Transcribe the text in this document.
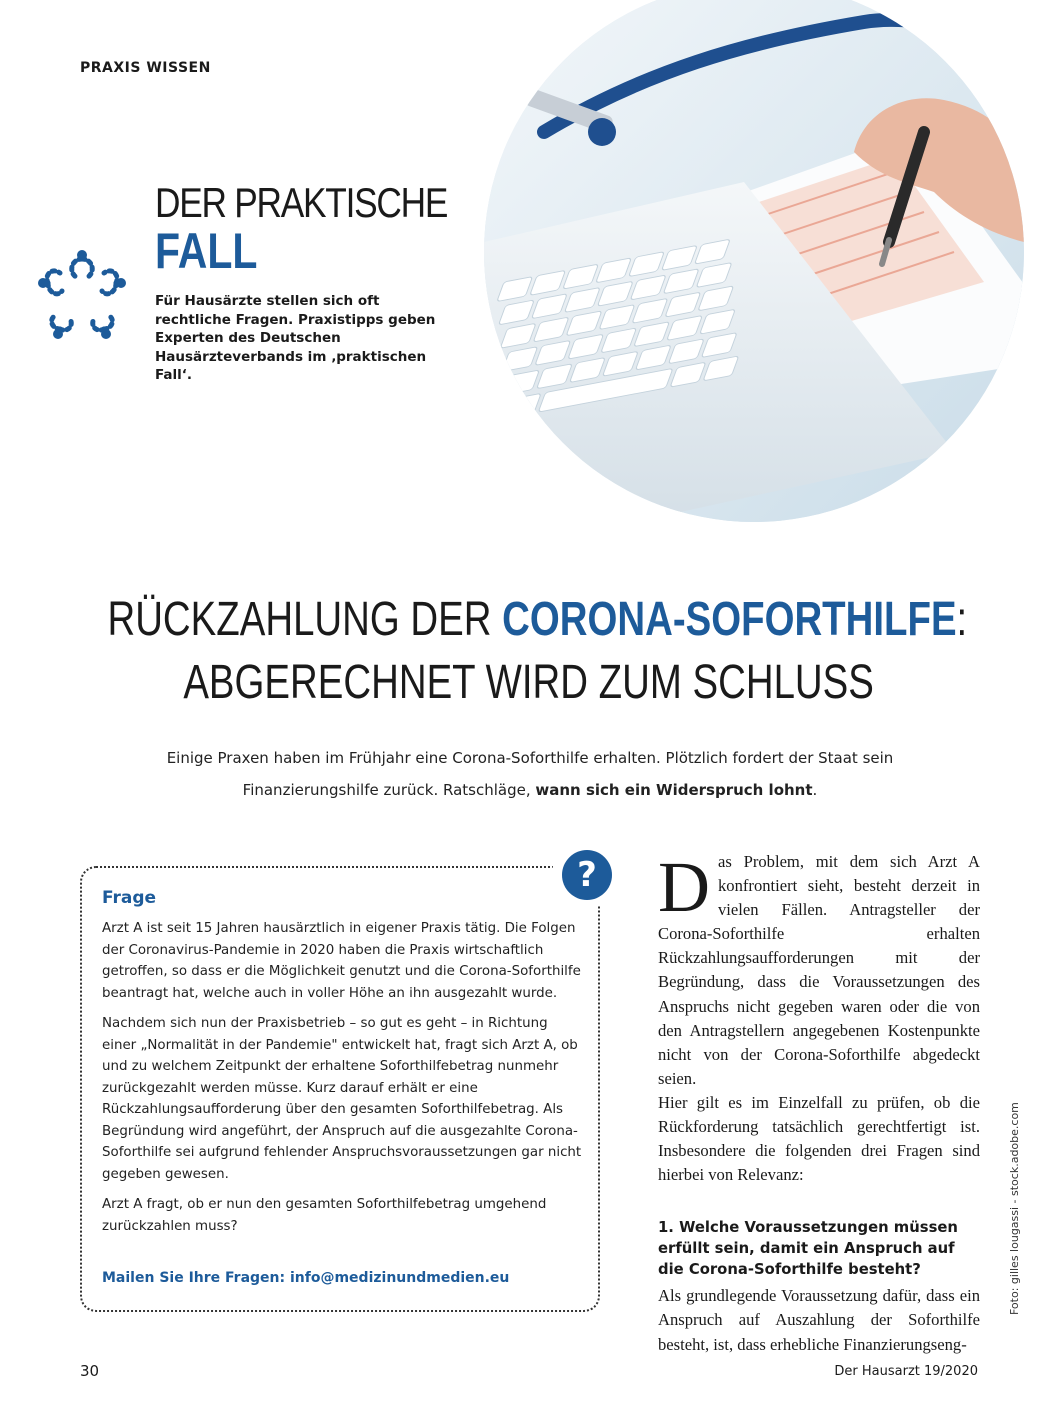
PRAXIS WISSEN
DER PRAKTISCHE
FALL
Für Hausärzte stellen sich oft rechtliche Fragen. Praxistipps geben Experten des Deutschen Hausärzteverbands im ‚praktischen Fall‘.
RÜCKZAHLUNG DER CORONA-SOFORTHILFE:
ABGERECHNET WIRD ZUM SCHLUSS
Einige Praxen haben im Frühjahr eine Corona-Soforthilfe erhalten. Plötzlich fordert der Staat sein
Finanzierungshilfe zurück. Ratschläge, wann sich ein Widerspruch lohnt.
?
Frage

Arzt A ist seit 15 Jahren hausärztlich in eigener Praxis tätig. Die Folgen der Coronavirus-Pandemie in 2020 haben die Praxis wirtschaftlich getroffen, so dass er die Möglichkeit genutzt und die Corona-Soforthilfe beantragt hat, welche auch in voller Höhe an ihn ausgezahlt wurde.

Nachdem sich nun der Praxisbetrieb – so gut es geht – in Richtung einer „Normalität in der Pandemie" entwickelt hat, fragt sich Arzt A, ob und zu welchem Zeitpunkt der erhaltene Soforthilfebetrag nunmehr zurückgezahlt werden müsse. Kurz darauf erhält er eine Rückzahlungsaufforderung über den gesamten Soforthilfebetrag. Als Begründung wird angeführt, der Anspruch auf die ausgezahlte Corona-Soforthilfe sei aufgrund fehlender Anspruchsvoraussetzungen gar nicht gegeben gewesen.

Arzt A fragt, ob er nun den gesamten Soforthilfebetrag umgehend zurückzahlen muss?

Mailen Sie Ihre Fragen: info@medizinundmedien.eu
D as Problem, mit dem sich Arzt A konfrontiert sieht, besteht derzeit in vielen Fällen. Antragsteller der Corona-Soforthilfe erhalten Rückzahlungsaufforderungen mit der Begründung, dass die Voraussetzungen des Anspruchs nicht gegeben waren oder die von den Antragstellern angegebenen Kostenpunkte nicht von der Corona-Soforthilfe abgedeckt seien.

Hier gilt es im Einzelfall zu prüfen, ob die Rückforderung tatsächlich gerechtfertigt ist. Insbesondere die folgenden drei Fragen sind hierbei von Relevanz:

1. Welche Voraussetzungen müssen erfüllt sein, damit ein Anspruch auf die Corona-Soforthilfe besteht?

Als grundlegende Voraussetzung dafür, dass ein Anspruch auf Auszahlung der Soforthilfe besteht, ist, dass erhebliche Finanzierungseng-

Foto: gilles lougassi - stock.adobe.com
30	Der Hausarzt 19/2020
